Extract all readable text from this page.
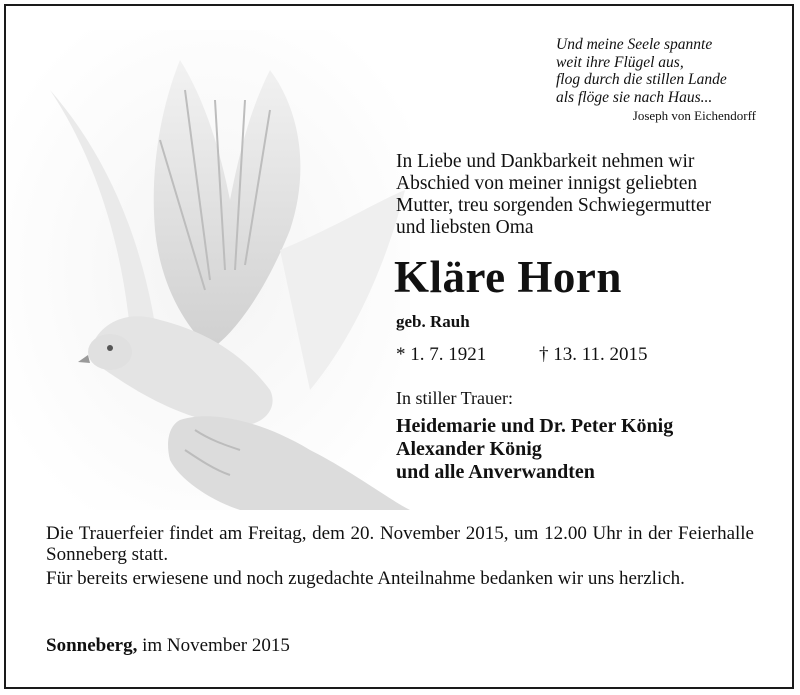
Und meine Seele spannte
weit ihre Flügel aus,
flog durch die stillen Lande
als flöge sie nach Haus...
Joseph von Eichendorff
In Liebe und Dankbarkeit nehmen wir
Abschied von meiner innigst geliebten
Mutter, treu sorgenden Schwiegermutter
und liebsten Oma
Kläre Horn
geb. Rauh
* 1. 7. 1921	† 13. 11. 2015
In stiller Trauer:
Heidemarie und Dr. Peter König
Alexander König
und alle Anverwandten

Die Trauerfeier findet am Freitag, dem 20. November 2015, um 12.00 Uhr in der Feierhalle Sonneberg statt.

Für bereits erwiesene und noch zugedachte Anteilnahme bedanken wir uns herzlich.

Sonneberg, im November 2015
